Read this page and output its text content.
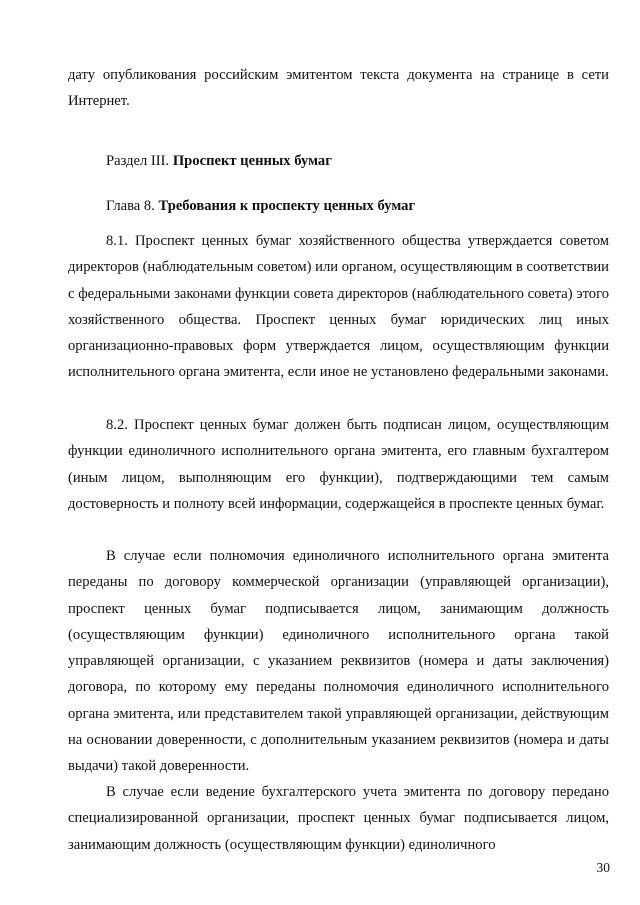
дату опубликования российским эмитентом текста документа на странице в сети Интернет.

Раздел III. Проспект ценных бумаг

Глава 8. Требования к проспекту ценных бумаг

8.1. Проспект ценных бумаг хозяйственного общества утверждается советом директоров (наблюдательным советом) или органом, осуществляющим в соответствии с федеральными законами функции совета директоров (наблюдательного совета) этого хозяйственного общества. Проспект ценных бумаг юридических лиц иных организационно-правовых форм утверждается лицом, осуществляющим функции исполнительного органа эмитента, если иное не установлено федеральными законами.

8.2. Проспект ценных бумаг должен быть подписан лицом, осуществляющим функции единоличного исполнительного органа эмитента, его главным бухгалтером (иным лицом, выполняющим его функции), подтверждающими тем самым достоверность и полноту всей информации, содержащейся в проспекте ценных бумаг.

В случае если полномочия единоличного исполнительного органа эмитента переданы по договору коммерческой организации (управляющей организации), проспект ценных бумаг подписывается лицом, занимающим должность (осуществляющим функции) единоличного исполнительного органа такой управляющей организации, с указанием реквизитов (номера и даты заключения) договора, по которому ему переданы полномочия единоличного исполнительного органа эмитента, или представителем такой управляющей организации, действующим на основании доверенности, с дополнительным указанием реквизитов (номера и даты выдачи) такой доверенности.

В случае если ведение бухгалтерского учета эмитента по договору передано специализированной организации, проспект ценных бумаг подписывается лицом, занимающим должность (осуществляющим функции) единоличного

30
